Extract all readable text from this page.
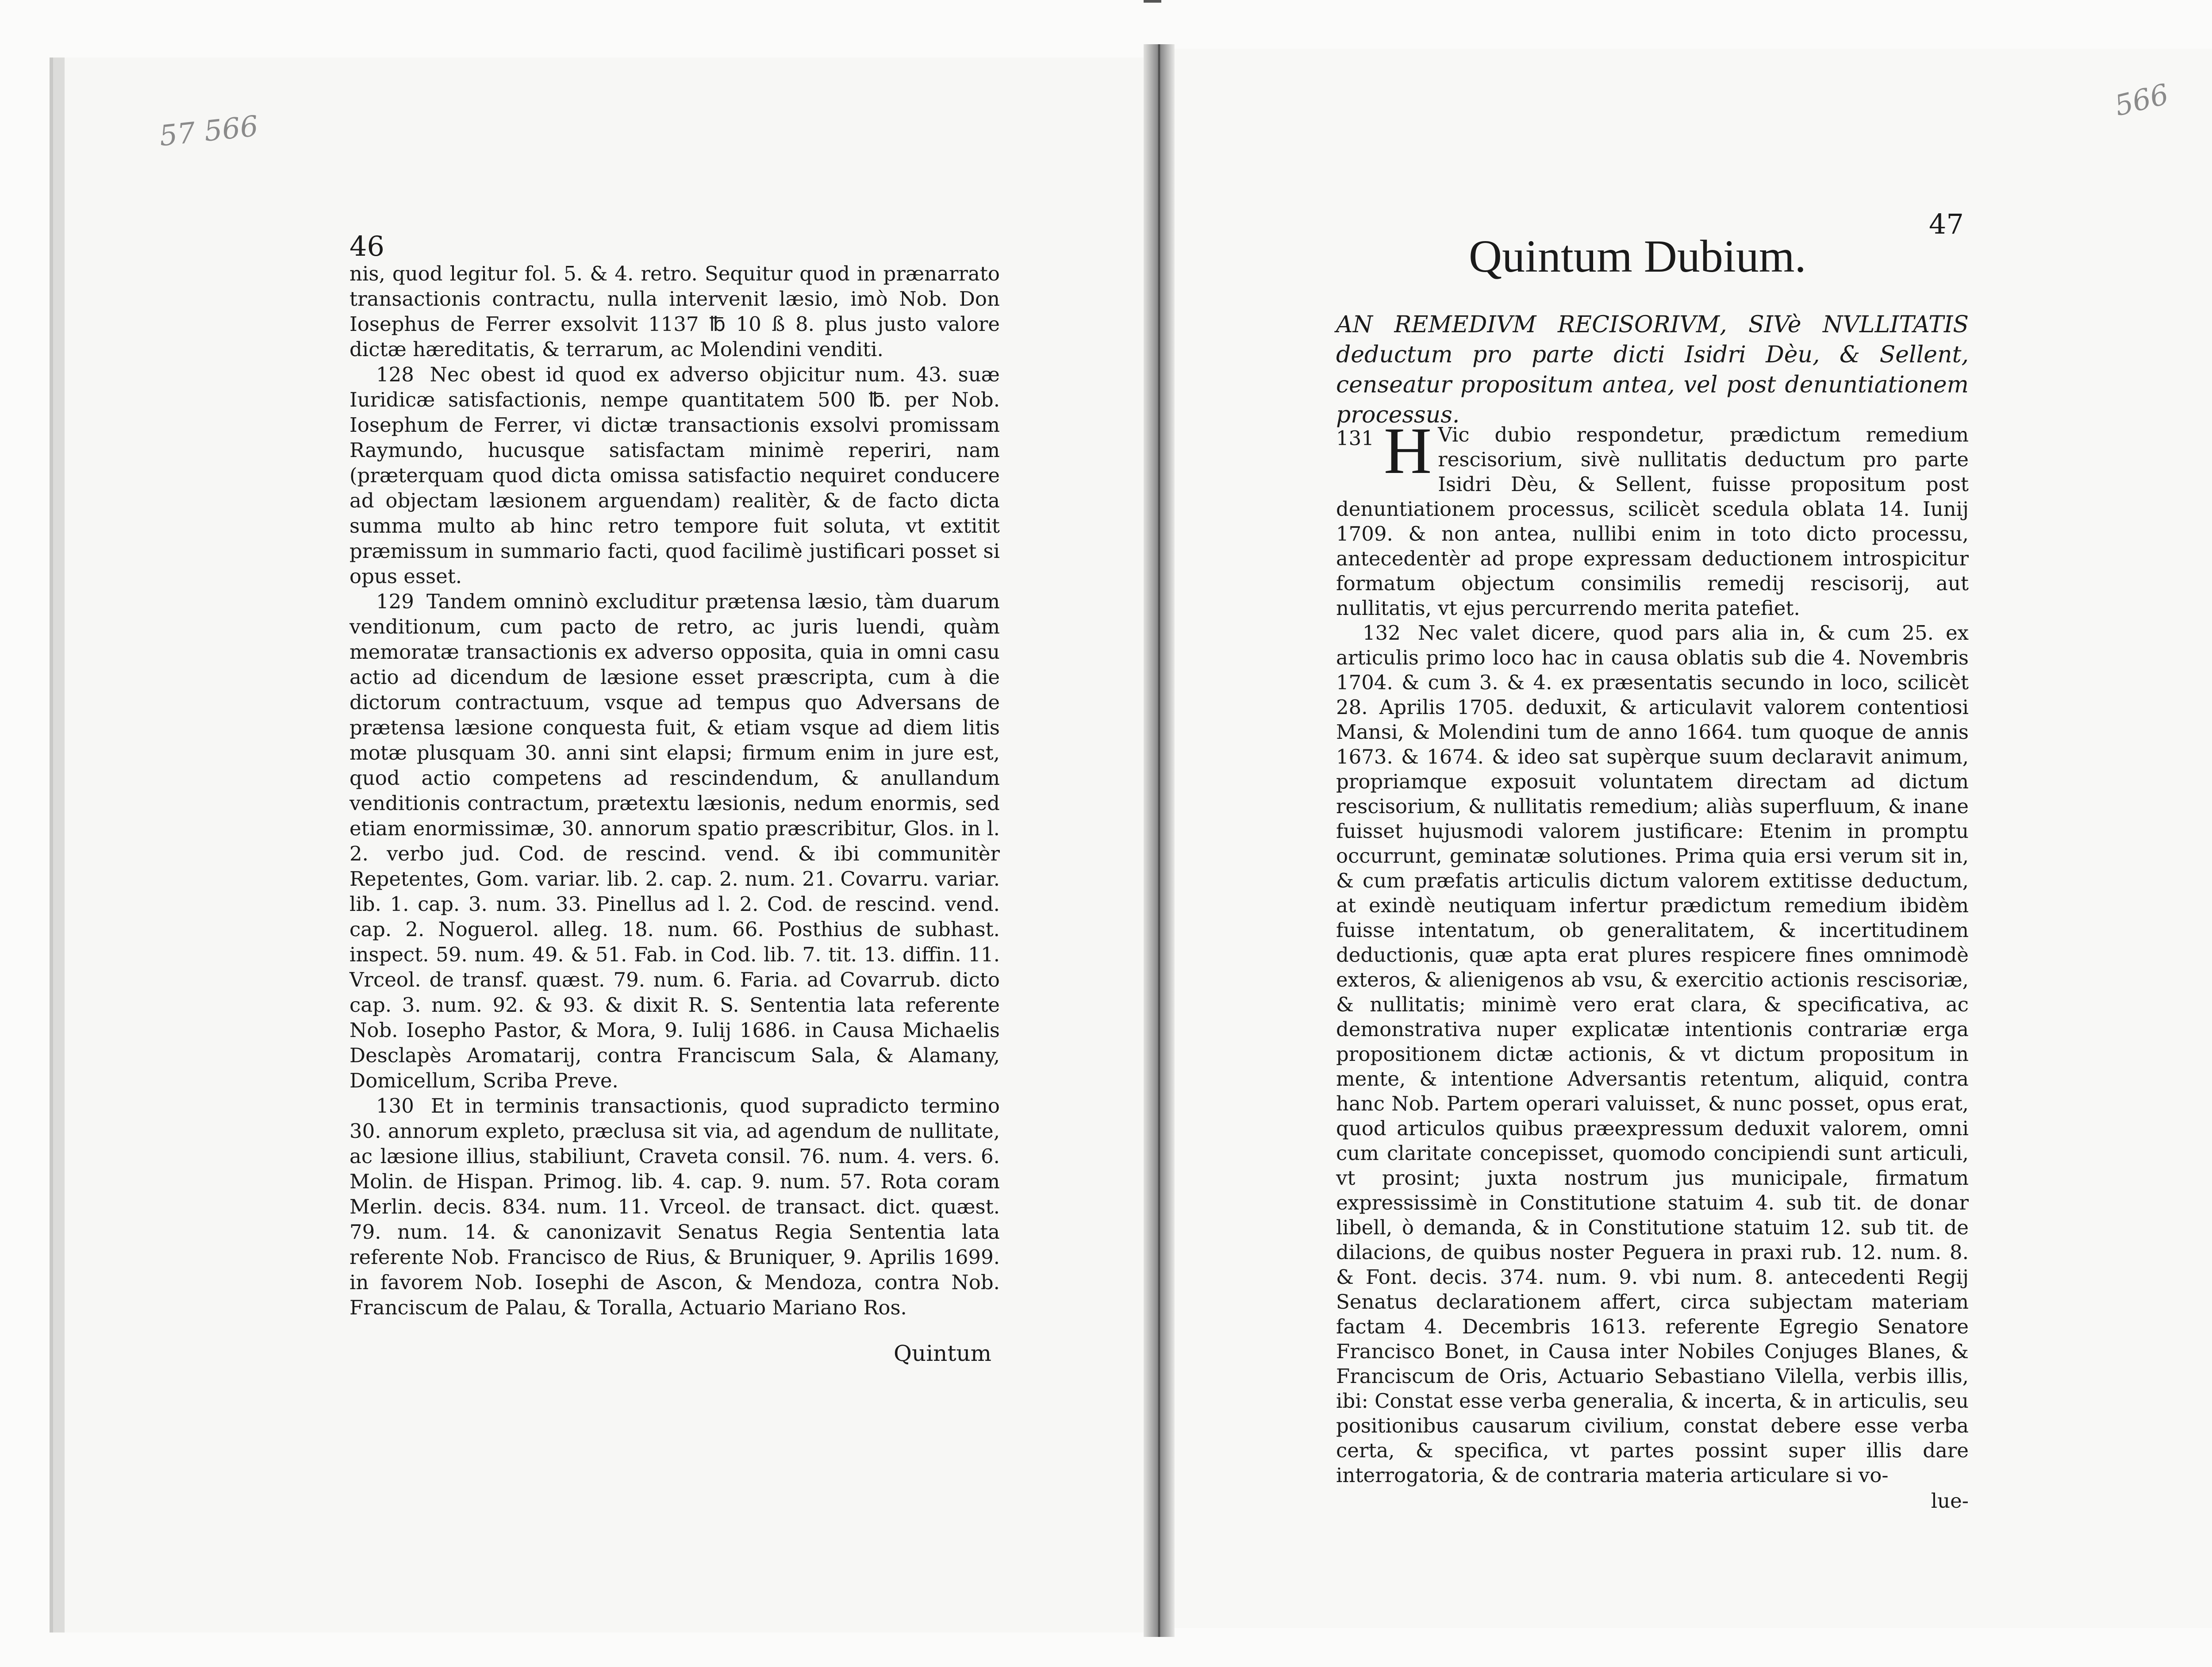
57 566
566
46

nis, quod legitur fol. 5. & 4. retro. Sequitur quod in prænarrato transactionis contractu, nulla intervenit læsio, imò Nob. Don Iosephus de Ferrer exsolvit 1137 ℔ 10 ß 8. plus justo valore dictæ hæreditatis, & terrarum, ac Molendini venditi.

128 Nec obest id quod ex adverso objicitur num. 43. suæ Iuridicæ satisfactionis, nempe quantitatem 500 ℔. per Nob. Iosephum de Ferrer, vi dictæ transactionis exsolvi promissam Raymundo, hucusque satisfactam minimè reperiri, nam (præterquam quod dicta omissa satisfactio nequiret conducere ad objectam læsionem arguendam) realitèr, & de facto dicta summa multo ab hinc retro tempore fuit soluta, vt extitit præmissum in summario facti, quod facilimè justificari posset si opus esset.

129 Tandem omninò excluditur prætensa læsio, tàm duarum venditionum, cum pacto de retro, ac juris luendi, quàm memoratæ transactionis ex adverso opposita, quia in omni casu actio ad dicendum de læsione esset præscripta, cum à die dictorum contractuum, vsque ad tempus quo Adversans de prætensa læsione conquesta fuit, & etiam vsque ad diem litis motæ plusquam 30. anni sint elapsi; firmum enim in jure est, quod actio competens ad rescindendum, & anullandum venditionis contractum, prætextu læsionis, nedum enormis, sed etiam enormissimæ, 30. annorum spatio præscribitur, Glos. in l. 2. verbo jud. Cod. de rescind. vend. & ibi communitèr Repetentes, Gom. variar. lib. 2. cap. 2. num. 21. Covarru. variar. lib. 1. cap. 3. num. 33. Pinellus ad l. 2. Cod. de rescind. vend. cap. 2. Noguerol. alleg. 18. num. 66. Posthius de subhast. inspect. 59. num. 49. & 51. Fab. in Cod. lib. 7. tit. 13. diffin. 11. Vrceol. de transf. quæst. 79. num. 6. Faria. ad Covarrub. dicto cap. 3. num. 92. & 93. & dixit R. S. Sententia lata referente Nob. Iosepho Pastor, & Mora, 9. Iulij 1686. in Causa Michaelis Desclapès Aromatarij, contra Franciscum Sala, & Alamany, Domicellum, Scriba Preve.

130 Et in terminis transactionis, quod supradicto termino 30. annorum expleto, præclusa sit via, ad agendum de nullitate, ac læsione illius, stabiliunt, Craveta consil. 76. num. 4. vers. 6. Molin. de Hispan. Primog. lib. 4. cap. 9. num. 57. Rota coram Merlin. decis. 834. num. 11. Vrceol. de transact. dict. quæst. 79. num. 14. & canonizavit Senatus Regia Sententia lata referente Nob. Francisco de Rius, & Bruniquer, 9. Aprilis 1699. in favorem Nob. Iosephi de Ascon, & Mendoza, contra Nob. Franciscum de Palau, & Toralla, Actuario Mariano Ros.

Quintum
47
Quintum Dubium.
AN REMEDIVM RECISORIVM, SIVè NVLLITATIS deductum pro parte dicti Isidri Dèu, & Sellent, censeatur propositum antea, vel post denuntiationem processus.

131 H Vic dubio respondetur, prædictum remedium rescisorium, sivè nullitatis deductum pro parte Isidri Dèu, & Sellent, fuisse propositum post denuntiationem processus, scilicèt scedula oblata 14. Iunij 1709. & non antea, nullibi enim in toto dicto processu, antecedentèr ad prope expressam deductionem introspicitur formatum objectum consimilis remedij rescisorij, aut nullitatis, vt ejus percurrendo merita patefiet.

132 Nec valet dicere, quod pars alia in, & cum 25. ex articulis primo loco hac in causa oblatis sub die 4. Novembris 1704. & cum 3. & 4. ex præsentatis secundo in loco, scilicèt 28. Aprilis 1705. deduxit, & articulavit valorem contentiosi Mansi, & Molendini tum de anno 1664. tum quoque de annis 1673. & 1674. & ideo sat supèrque suum declaravit animum, propriamque exposuit voluntatem directam ad dictum rescisorium, & nullitatis remedium; aliàs superfluum, & inane fuisset hujusmodi valorem justificare: Etenim in promptu occurrunt, geminatæ solutiones. Prima quia ersi verum sit in, & cum præfatis articulis dictum valorem extitisse deductum, at exindè neutiquam infertur prædictum remedium ibidèm fuisse intentatum, ob generalitatem, & incertitudinem deductionis, quæ apta erat plures respicere fines omnimodè exteros, & alienigenos ab vsu, & exercitio actionis rescisoriæ, & nullitatis; minimè vero erat clara, & specificativa, ac demonstrativa nuper explicatæ intentionis contrariæ erga propositionem dictæ actionis, & vt dictum propositum in mente, & intentione Adversantis retentum, aliquid, contra hanc Nob. Partem operari valuisset, & nunc posset, opus erat, quod articulos quibus præexpressum deduxit valorem, omni cum claritate concepisset, quomodo concipiendi sunt articuli, vt prosint; juxta nostrum jus municipale, firmatum expressissimè in Constitutione statuim 4. sub tit. de donar libell, ò demanda, & in Constitutione statuim 12. sub tit. de dilacions, de quibus noster Peguera in praxi rub. 12. num. 8. & Font. decis. 374. num. 9. vbi num. 8. antecedenti Regij Senatus declarationem affert, circa subjectam materiam factam 4. Decembris 1613. referente Egregio Senatore Francisco Bonet, in Causa inter Nobiles Conjuges Blanes, & Franciscum de Oris, Actuario Sebastiano Vilella, verbis illis, ibi: Constat esse verba generalia, & incerta, & in articulis, seu positionibus causarum civilium, constat debere esse verba certa, & specifica, vt partes possint super illis dare interrogatoria, & de contraria materia articulare si vo-

lue-
